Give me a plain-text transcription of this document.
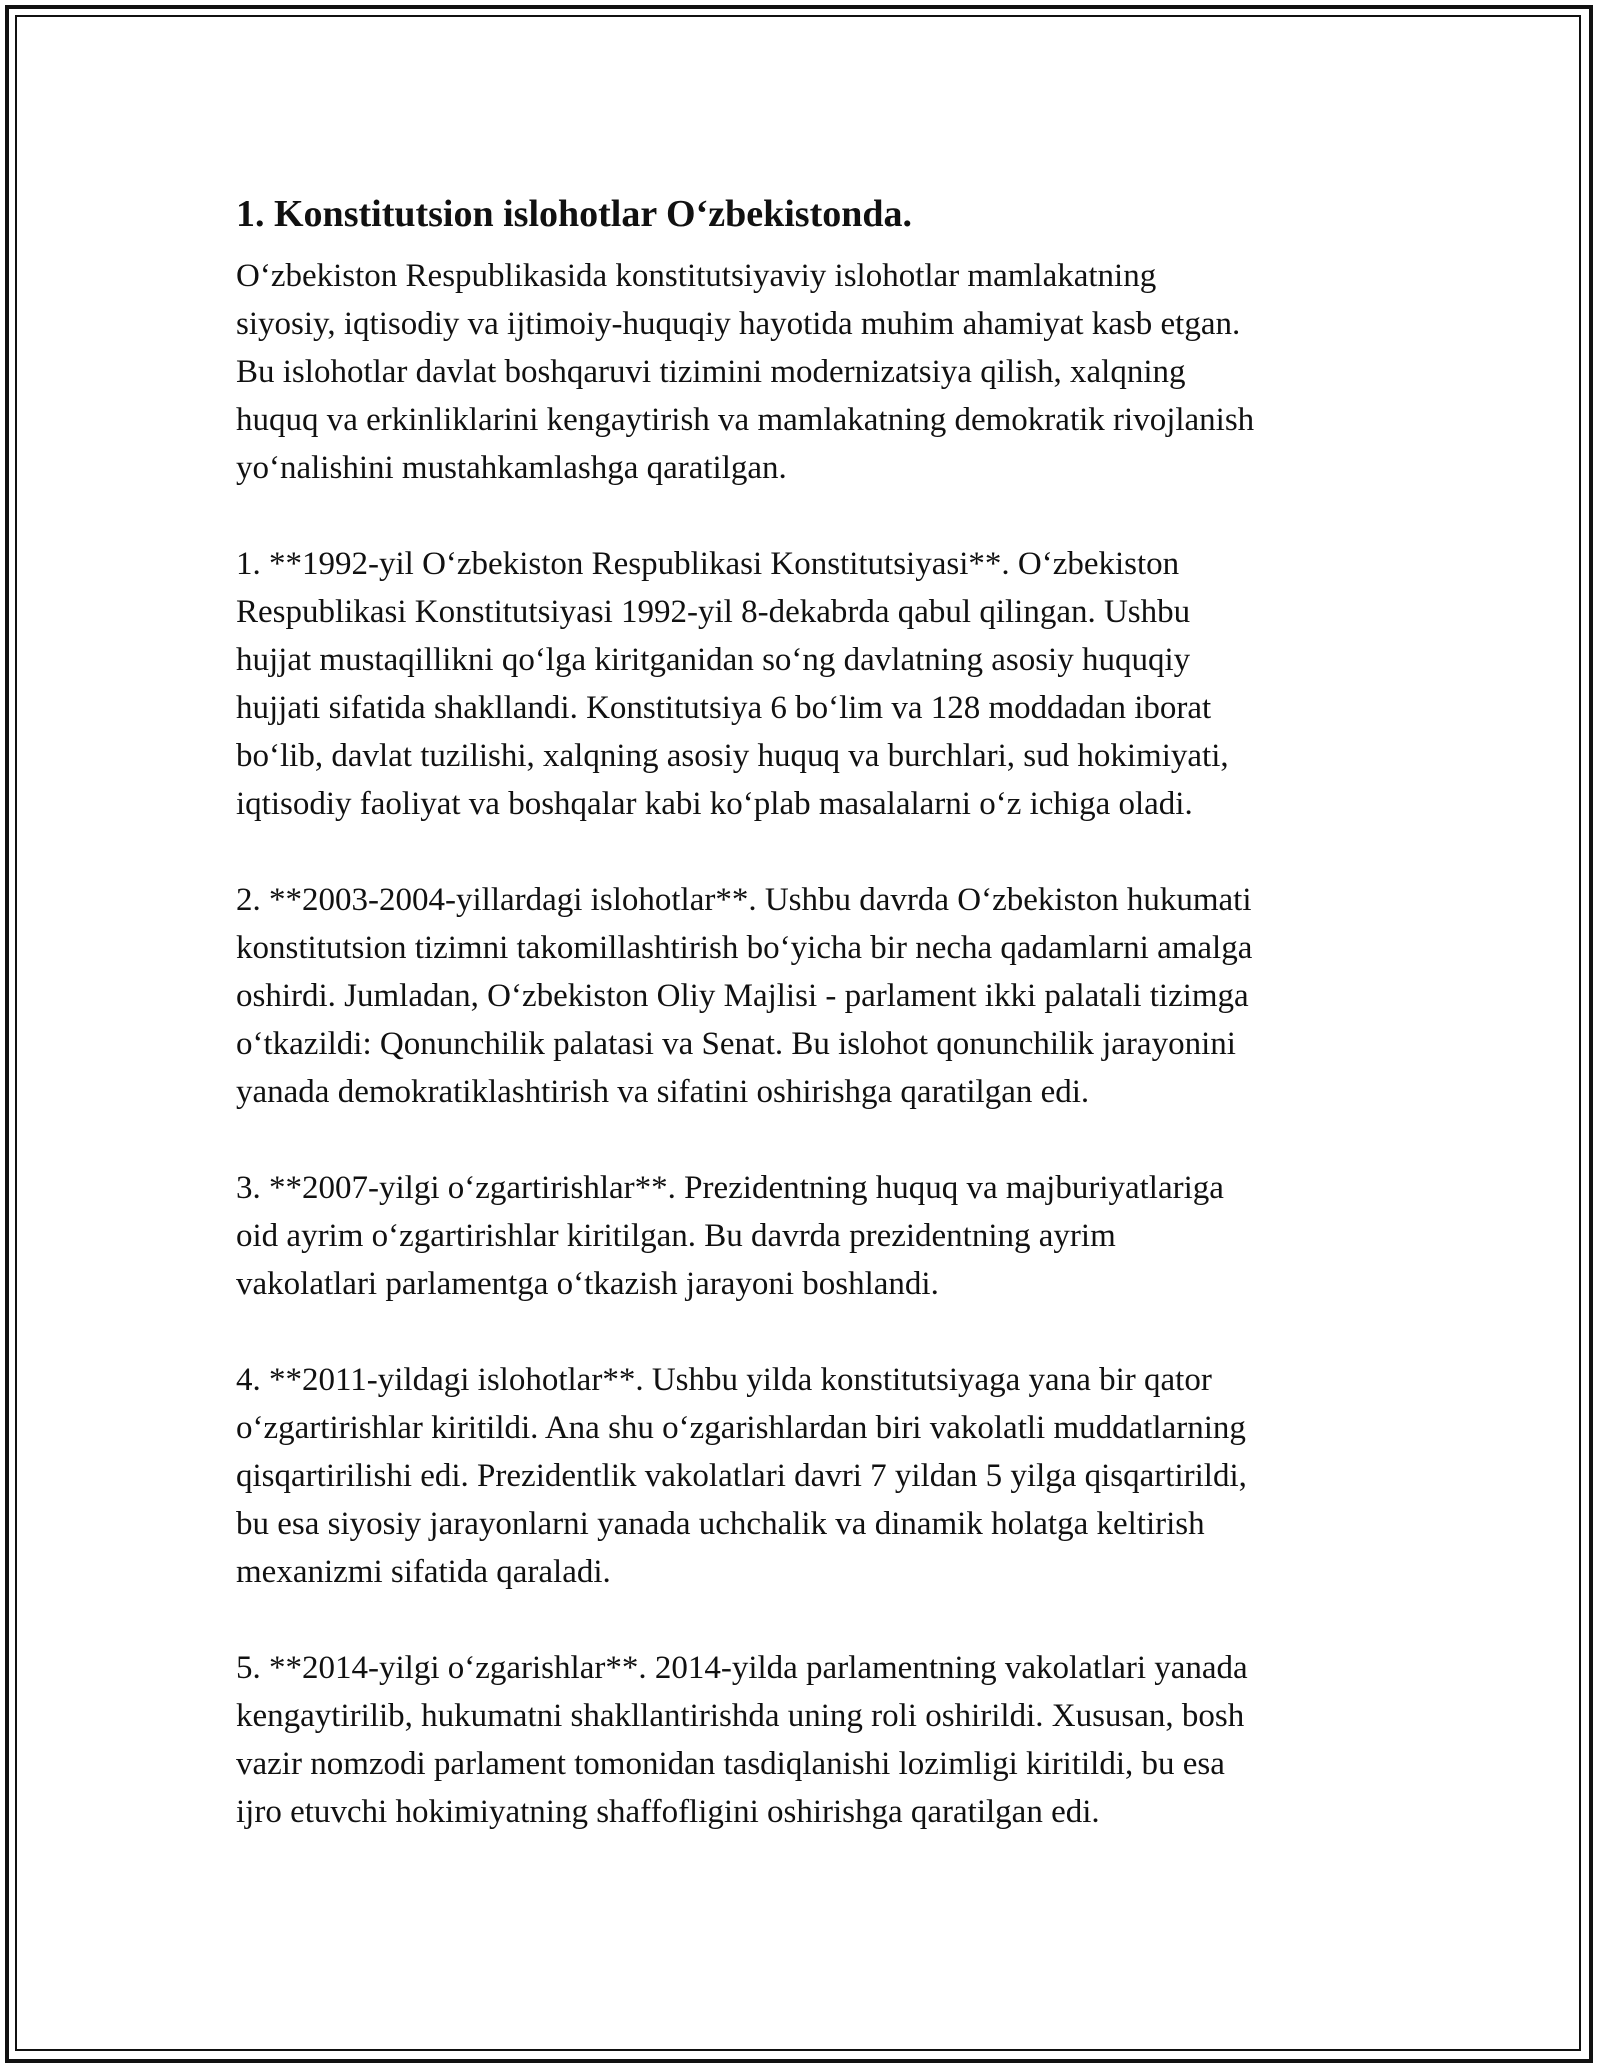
1. Konstitutsion islohotlar O‘zbekistonda.
O‘zbekiston Respublikasida konstitutsiyaviy islohotlar mamlakatning
siyosiy, iqtisodiy va ijtimoiy-huquqiy hayotida muhim ahamiyat kasb etgan.
Bu islohotlar davlat boshqaruvi tizimini modernizatsiya qilish, xalqning
huquq va erkinliklarini kengaytirish va mamlakatning demokratik rivojlanish
yo‘nalishini mustahkamlashga qaratilgan.
1. **1992-yil O‘zbekiston Respublikasi Konstitutsiyasi**. O‘zbekiston
Respublikasi Konstitutsiyasi 1992-yil 8-dekabrda qabul qilingan. Ushbu
hujjat mustaqillikni qo‘lga kiritganidan so‘ng davlatning asosiy huquqiy
hujjati sifatida shakllandi. Konstitutsiya 6 bo‘lim va 128 moddadan iborat
bo‘lib, davlat tuzilishi, xalqning asosiy huquq va burchlari, sud hokimiyati,
iqtisodiy faoliyat va boshqalar kabi ko‘plab masalalarni o‘z ichiga oladi.
2. **2003-2004-yillardagi islohotlar**. Ushbu davrda O‘zbekiston hukumati
konstitutsion tizimni takomillashtirish bo‘yicha bir necha qadamlarni amalga
oshirdi. Jumladan, O‘zbekiston Oliy Majlisi - parlament ikki palatali tizimga
o‘tkazildi: Qonunchilik palatasi va Senat. Bu islohot qonunchilik jarayonini
yanada demokratiklashtirish va sifatini oshirishga qaratilgan edi.
3. **2007-yilgi o‘zgartirishlar**. Prezidentning huquq va majburiyatlariga
oid ayrim o‘zgartirishlar kiritilgan. Bu davrda prezidentning ayrim
vakolatlari parlamentga o‘tkazish jarayoni boshlandi.
4. **2011-yildagi islohotlar**. Ushbu yilda konstitutsiyaga yana bir qator
o‘zgartirishlar kiritildi. Ana shu o‘zgarishlardan biri vakolatli muddatlarning
qisqartirilishi edi. Prezidentlik vakolatlari davri 7 yildan 5 yilga qisqartirildi,
bu esa siyosiy jarayonlarni yanada uchchalik va dinamik holatga keltirish
mexanizmi sifatida qaraladi.
5. **2014-yilgi o‘zgarishlar**. 2014-yilda parlamentning vakolatlari yanada
kengaytirilib, hukumatni shakllantirishda uning roli oshirildi. Xususan, bosh
vazir nomzodi parlament tomonidan tasdiqlanishi lozimligi kiritildi, bu esa
ijro etuvchi hokimiyatning shaffofligini oshirishga qaratilgan edi.
